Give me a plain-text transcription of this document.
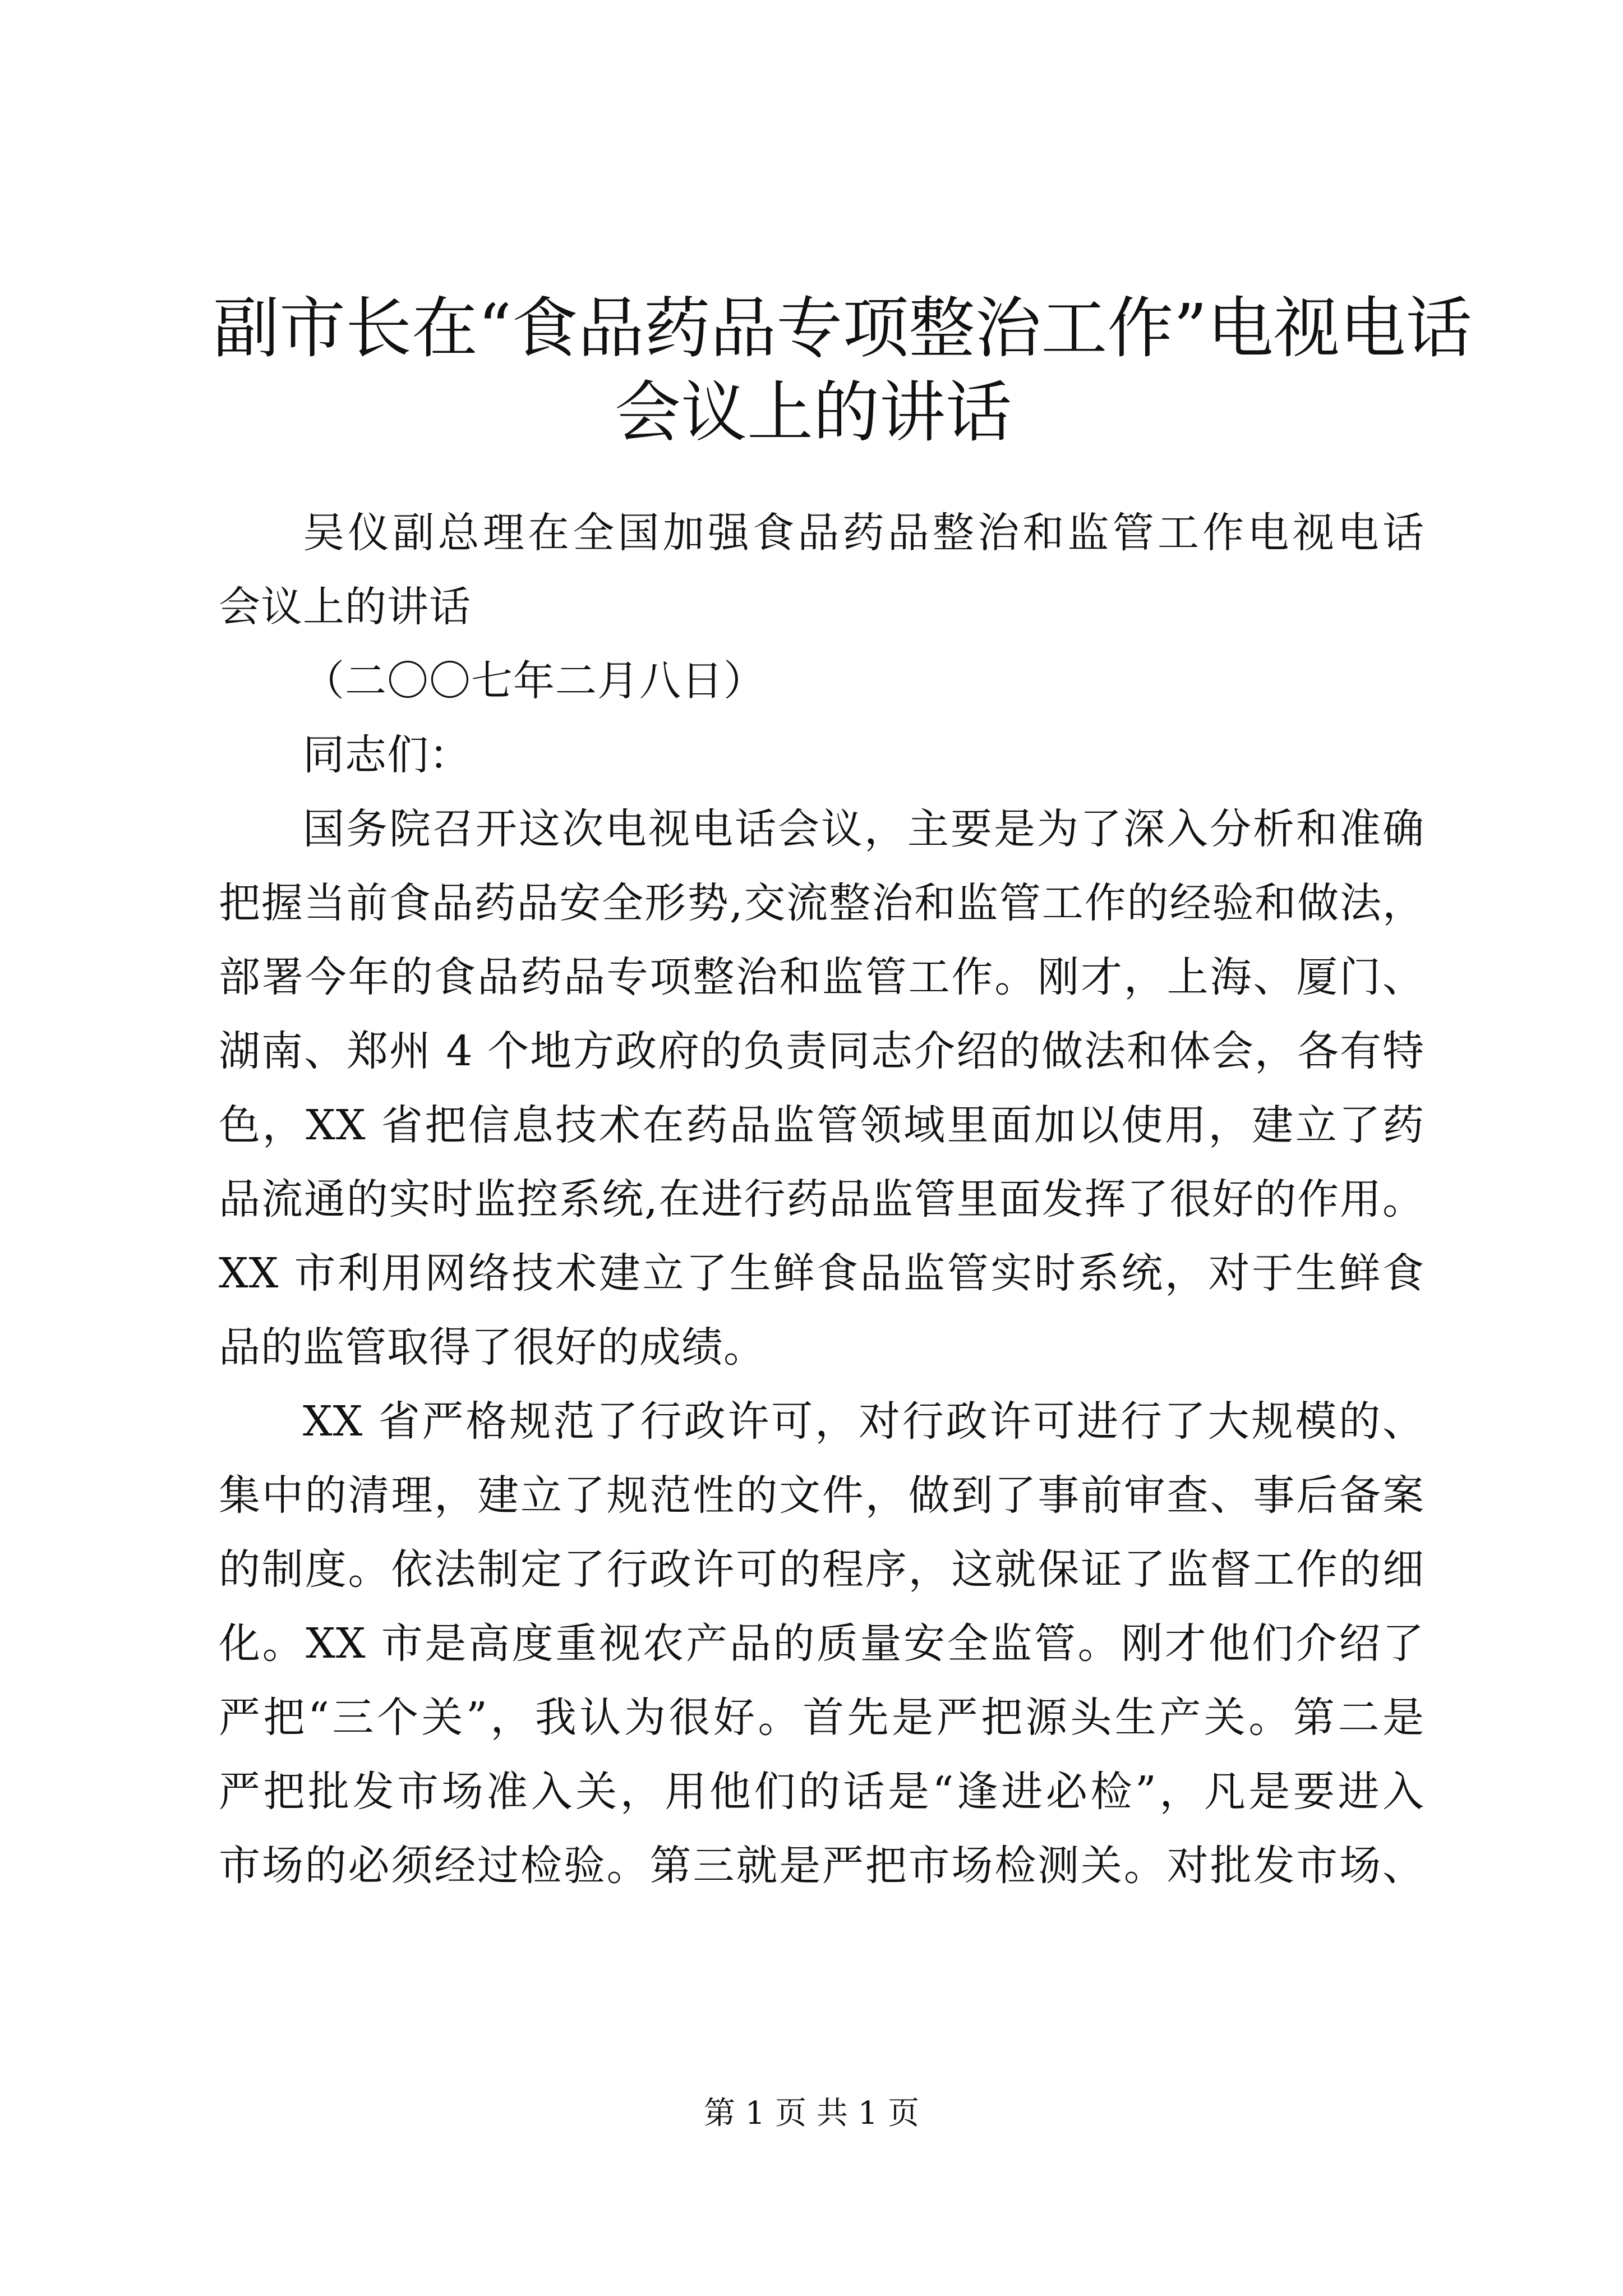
副市长在“食品药品专项整治工作”电视电话
会议上的讲话
吴仪副总理在全国加强食品药品整治和监管工作电视电话
会议上的讲话
（二〇〇七年二月八日）
同志们：
国务院召开这次电视电话会议，主要是为了深入分析和准确
把握当前食品药品安全形势,交流整治和监管工作的经验和做法，
部署今年的食品药品专项整治和监管工作。刚才，上海、厦门、
湖南、郑州 4 个地方政府的负责同志介绍的做法和体会，各有特
色，XX 省把信息技术在药品监管领域里面加以使用，建立了药
品流通的实时监控系统,在进行药品监管里面发挥了很好的作用。
XX 市利用网络技术建立了生鲜食品监管实时系统，对于生鲜食
品的监管取得了很好的成绩。
XX 省严格规范了行政许可，对行政许可进行了大规模的、
集中的清理，建立了规范性的文件，做到了事前审查、事后备案
的制度。依法制定了行政许可的程序，这就保证了监督工作的细
化。XX 市是高度重视农产品的质量安全监管。刚才他们介绍了
严把“三个关”，我认为很好。首先是严把源头生产关。第二是
严把批发市场准入关，用他们的话是“逢进必检”，凡是要进入
市场的必须经过检验。第三就是严把市场检测关。对批发市场、
第 1 页 共 1 页
